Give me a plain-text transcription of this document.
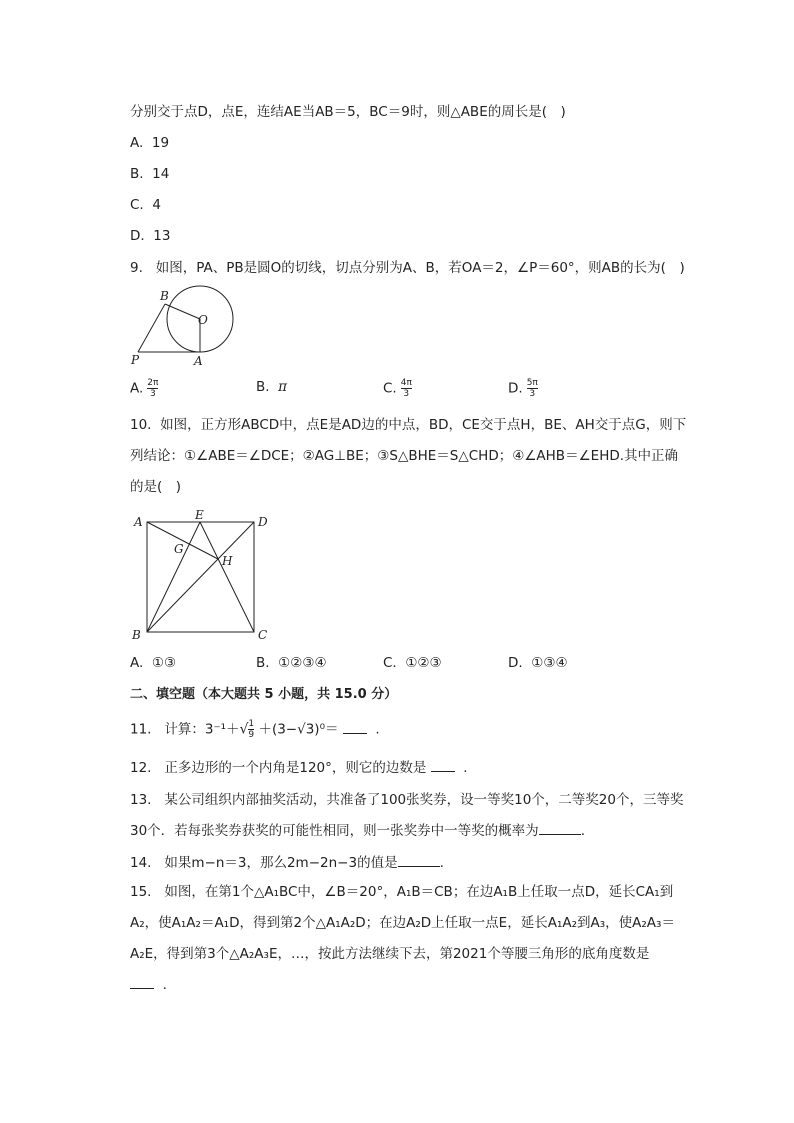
分别交于点D，点E，连结AE当AB＝5，BC＝9时，则△ABE的周长是(　)
A. 19
B. 14
C. 4
D. 13
9. 如图，PA、PB是圆O的切线，切点分别为A、B，若OA＝2，∠P＝60°，则AB的长为(　)
B
O
P	A
A. $\frac{2\pi}{3}$	B. π	C. $\frac{4\pi}{3}$	D. $\frac{5\pi}{3}$
10. 如图，正方形ABCD中，点E是AD边的中点，BD，CE交于点H，BE、AH交于点G，则下
列结论：①∠ABE＝∠DCE；②AG⊥BE；③S△BHE＝S△CHD；④∠AHB＝∠EHD.其中正确
的是(　)
A	E	D
G
H
B	C
A. ①③	B. ①②③④	C. ①②③	D. ①③④
二、填空题（本大题共 5 小题，共 15.0 分）
11. 计算：$3^{-1}+√ \frac{1}{9} +(3-√3)^0=$	.
12. 正多边形的一个内角是120°，则它的边数是	.
13. 某公司组织内部抽奖活动，共准备了100张奖券，设一等奖10个，二等奖20个，三等奖
30个．若每张奖券获奖的可能性相同，则一张奖券中一等奖的概率为	.
14. 如果m−n＝3，那么2m−2n−3的值是	.
15. 如图，在第1个△A₁BC中，∠B＝20°，A₁B＝CB；在边A₁B上任取一点D，延长CA₁到
A₂，使A₁A₂＝A₁D，得到第2个△A₁A₂D；在边A₂D上任取一点E，延长A₁A₂到A₃，使A₂A₃＝
A₂E，得到第3个△A₂A₃E，…，按此方法继续下去，第2021个等腰三角形的底角度数是
.
